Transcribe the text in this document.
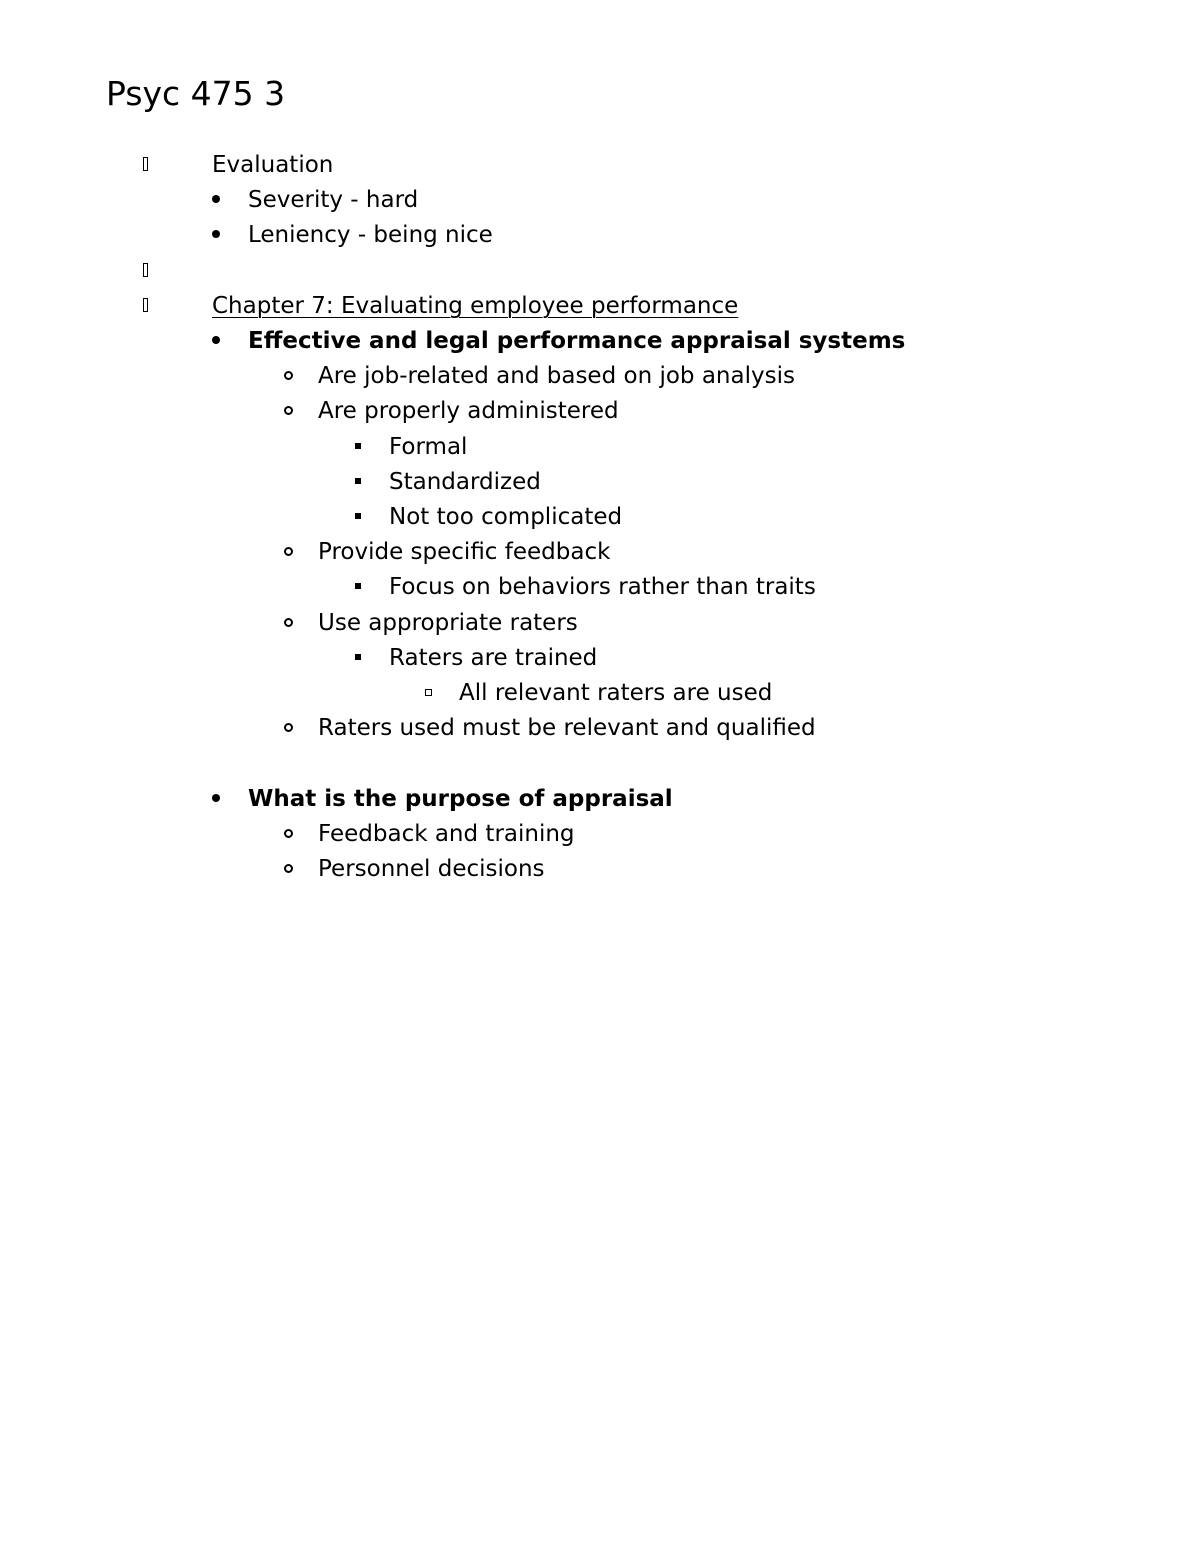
Psyc 475 3
Evaluation
Severity - hard
Leniency - being nice
Chapter 7: Evaluating employee performance
Effective and legal performance appraisal systems
Are job-related and based on job analysis
Are properly administered
Formal
Standardized
Not too complicated
Provide specific feedback
Focus on behaviors rather than traits
Use appropriate raters
Raters are trained
All relevant raters are used
Raters used must be relevant and qualified
What is the purpose of appraisal
Feedback and training
Personnel decisions
